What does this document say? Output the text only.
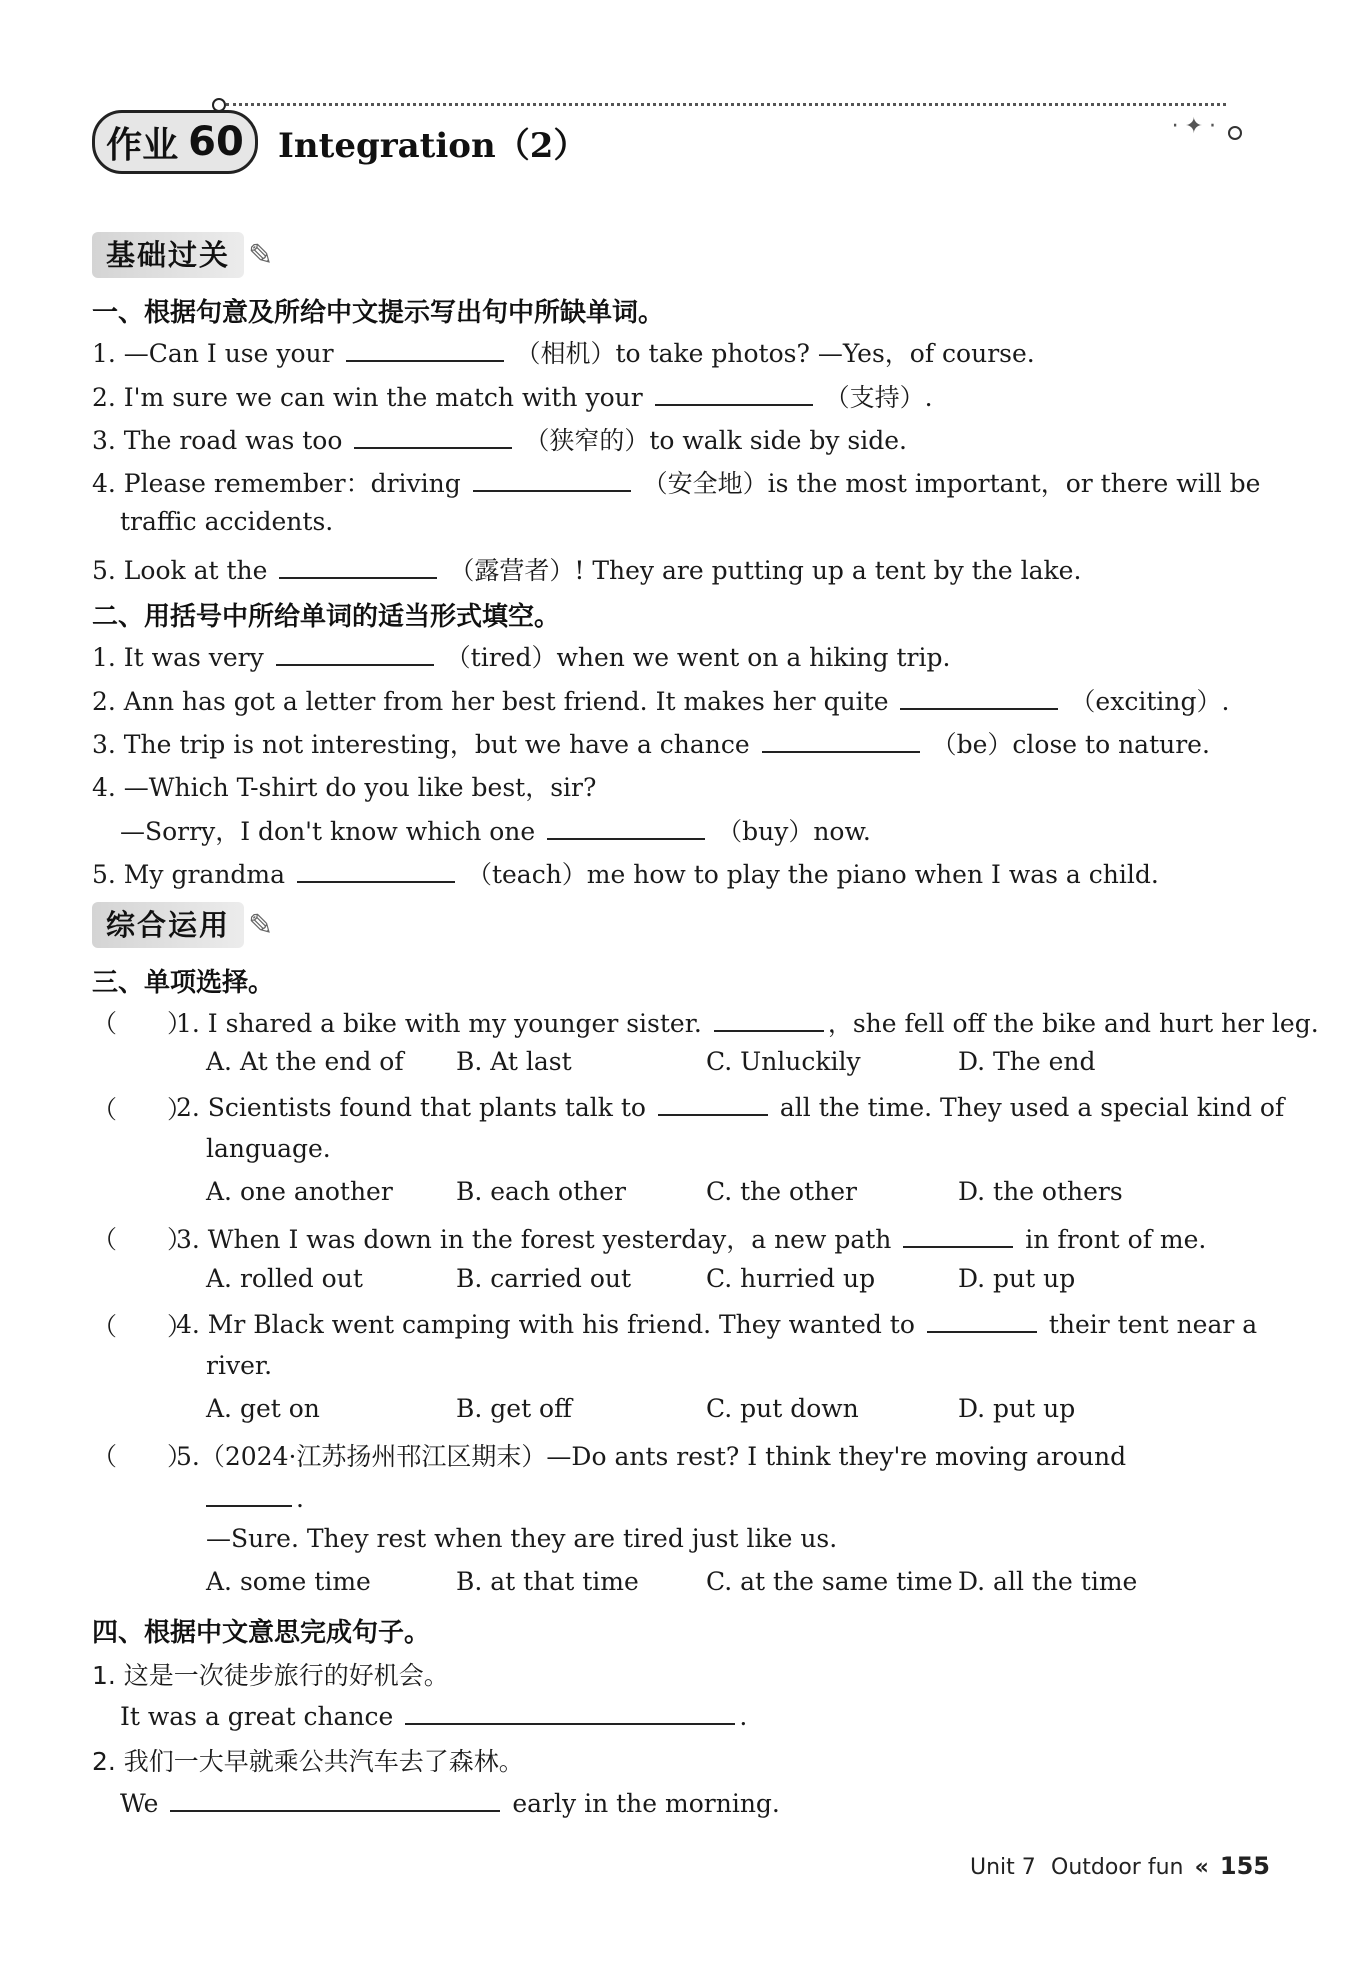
作业 60 Integration（2）	·✦·
基础过关 ✎
一、根据句意及所给中文提示写出句中所缺单词。
1. —Can I use your	（相机）to take photos? —Yes，of course.
2. I'm sure we can win the match with your	（支持）.
3. The road was too	（狭窄的）to walk side by side.
4. Please remember：driving	（安全地）is the most important，or there will be
traffic accidents.
5. Look at the	（露营者）! They are putting up a tent by the lake.
二、用括号中所给单词的适当形式填空。
1. It was very	（tired）when we went on a hiking trip.
2. Ann has got a letter from her best friend. It makes her quite	（exciting）.
3. The trip is not interesting，but we have a chance	（be）close to nature.
4. —Which T-shirt do you like best，sir?
—Sorry，I don't know which one	（buy）now.
5. My grandma	（teach）me how to play the piano when I was a child.
综合运用 ✎
三、单项选择。
（　　）
1. I shared a bike with my younger sister.	，she fell off the bike and hurt her leg.
A. At the end of B. At last	C. Unluckily	D. The end
（　　）
2. Scientists found that plants talk to	all the time. They used a special kind of
language.
A. one another	B. each other	C. the other	D. the others
（　　）
3. When I was down in the forest yesterday，a new path	in front of me.
A. rolled out	B. carried out	C. hurried up	D. put up
（　　）
4. Mr Black went camping with his friend. They wanted to	their tent near a
river.
A. get on	B. get off	C. put down	D. put up
（　　）
5.（2024·江苏扬州邗江区期末）—Do ants rest? I think they're moving around
.
—Sure. They rest when they are tired just like us.
A. some time	B. at that time	C. at the same time D. all the time
四、根据中文意思完成句子。
1. 这是一次徒步旅行的好机会。
It was a great chance	.
2. 我们一大早就乘公共汽车去了森林。
We	early in the morning.
Unit 7 Outdoor fun « 155
